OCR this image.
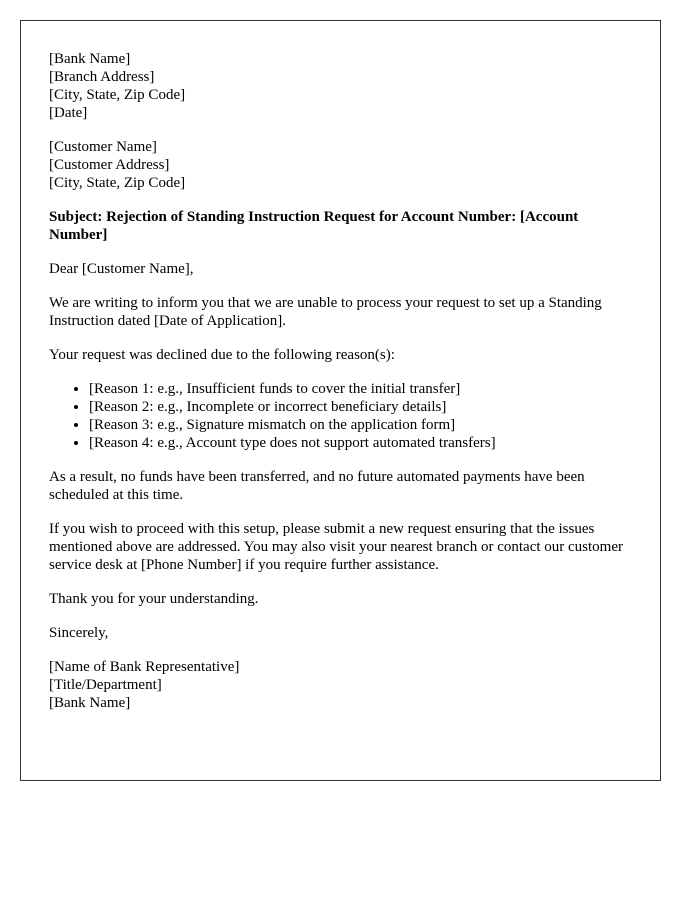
[Bank Name]
[Branch Address]
[City, State, Zip Code]
[Date]
[Customer Name]
[Customer Address]
[City, State, Zip Code]

Subject: Rejection of Standing Instruction Request for Account Number: [Account Number]

Dear [Customer Name],

We are writing to inform you that we are unable to process your request to set up a Standing Instruction dated [Date of Application].

Your request was declined due to the following reason(s):

• [Reason 1: e.g., Insufficient funds to cover the initial transfer]
• [Reason 2: e.g., Incomplete or incorrect beneficiary details]
• [Reason 3: e.g., Signature mismatch on the application form]
• [Reason 4: e.g., Account type does not support automated transfers]

As a result, no funds have been transferred, and no future automated payments have been scheduled at this time.

If you wish to proceed with this setup, please submit a new request ensuring that the issues mentioned above are addressed. You may also visit your nearest branch or contact our customer service desk at [Phone Number] if you require further assistance.

Thank you for your understanding.

Sincerely,

[Name of Bank Representative]
[Title/Department]
[Bank Name]
